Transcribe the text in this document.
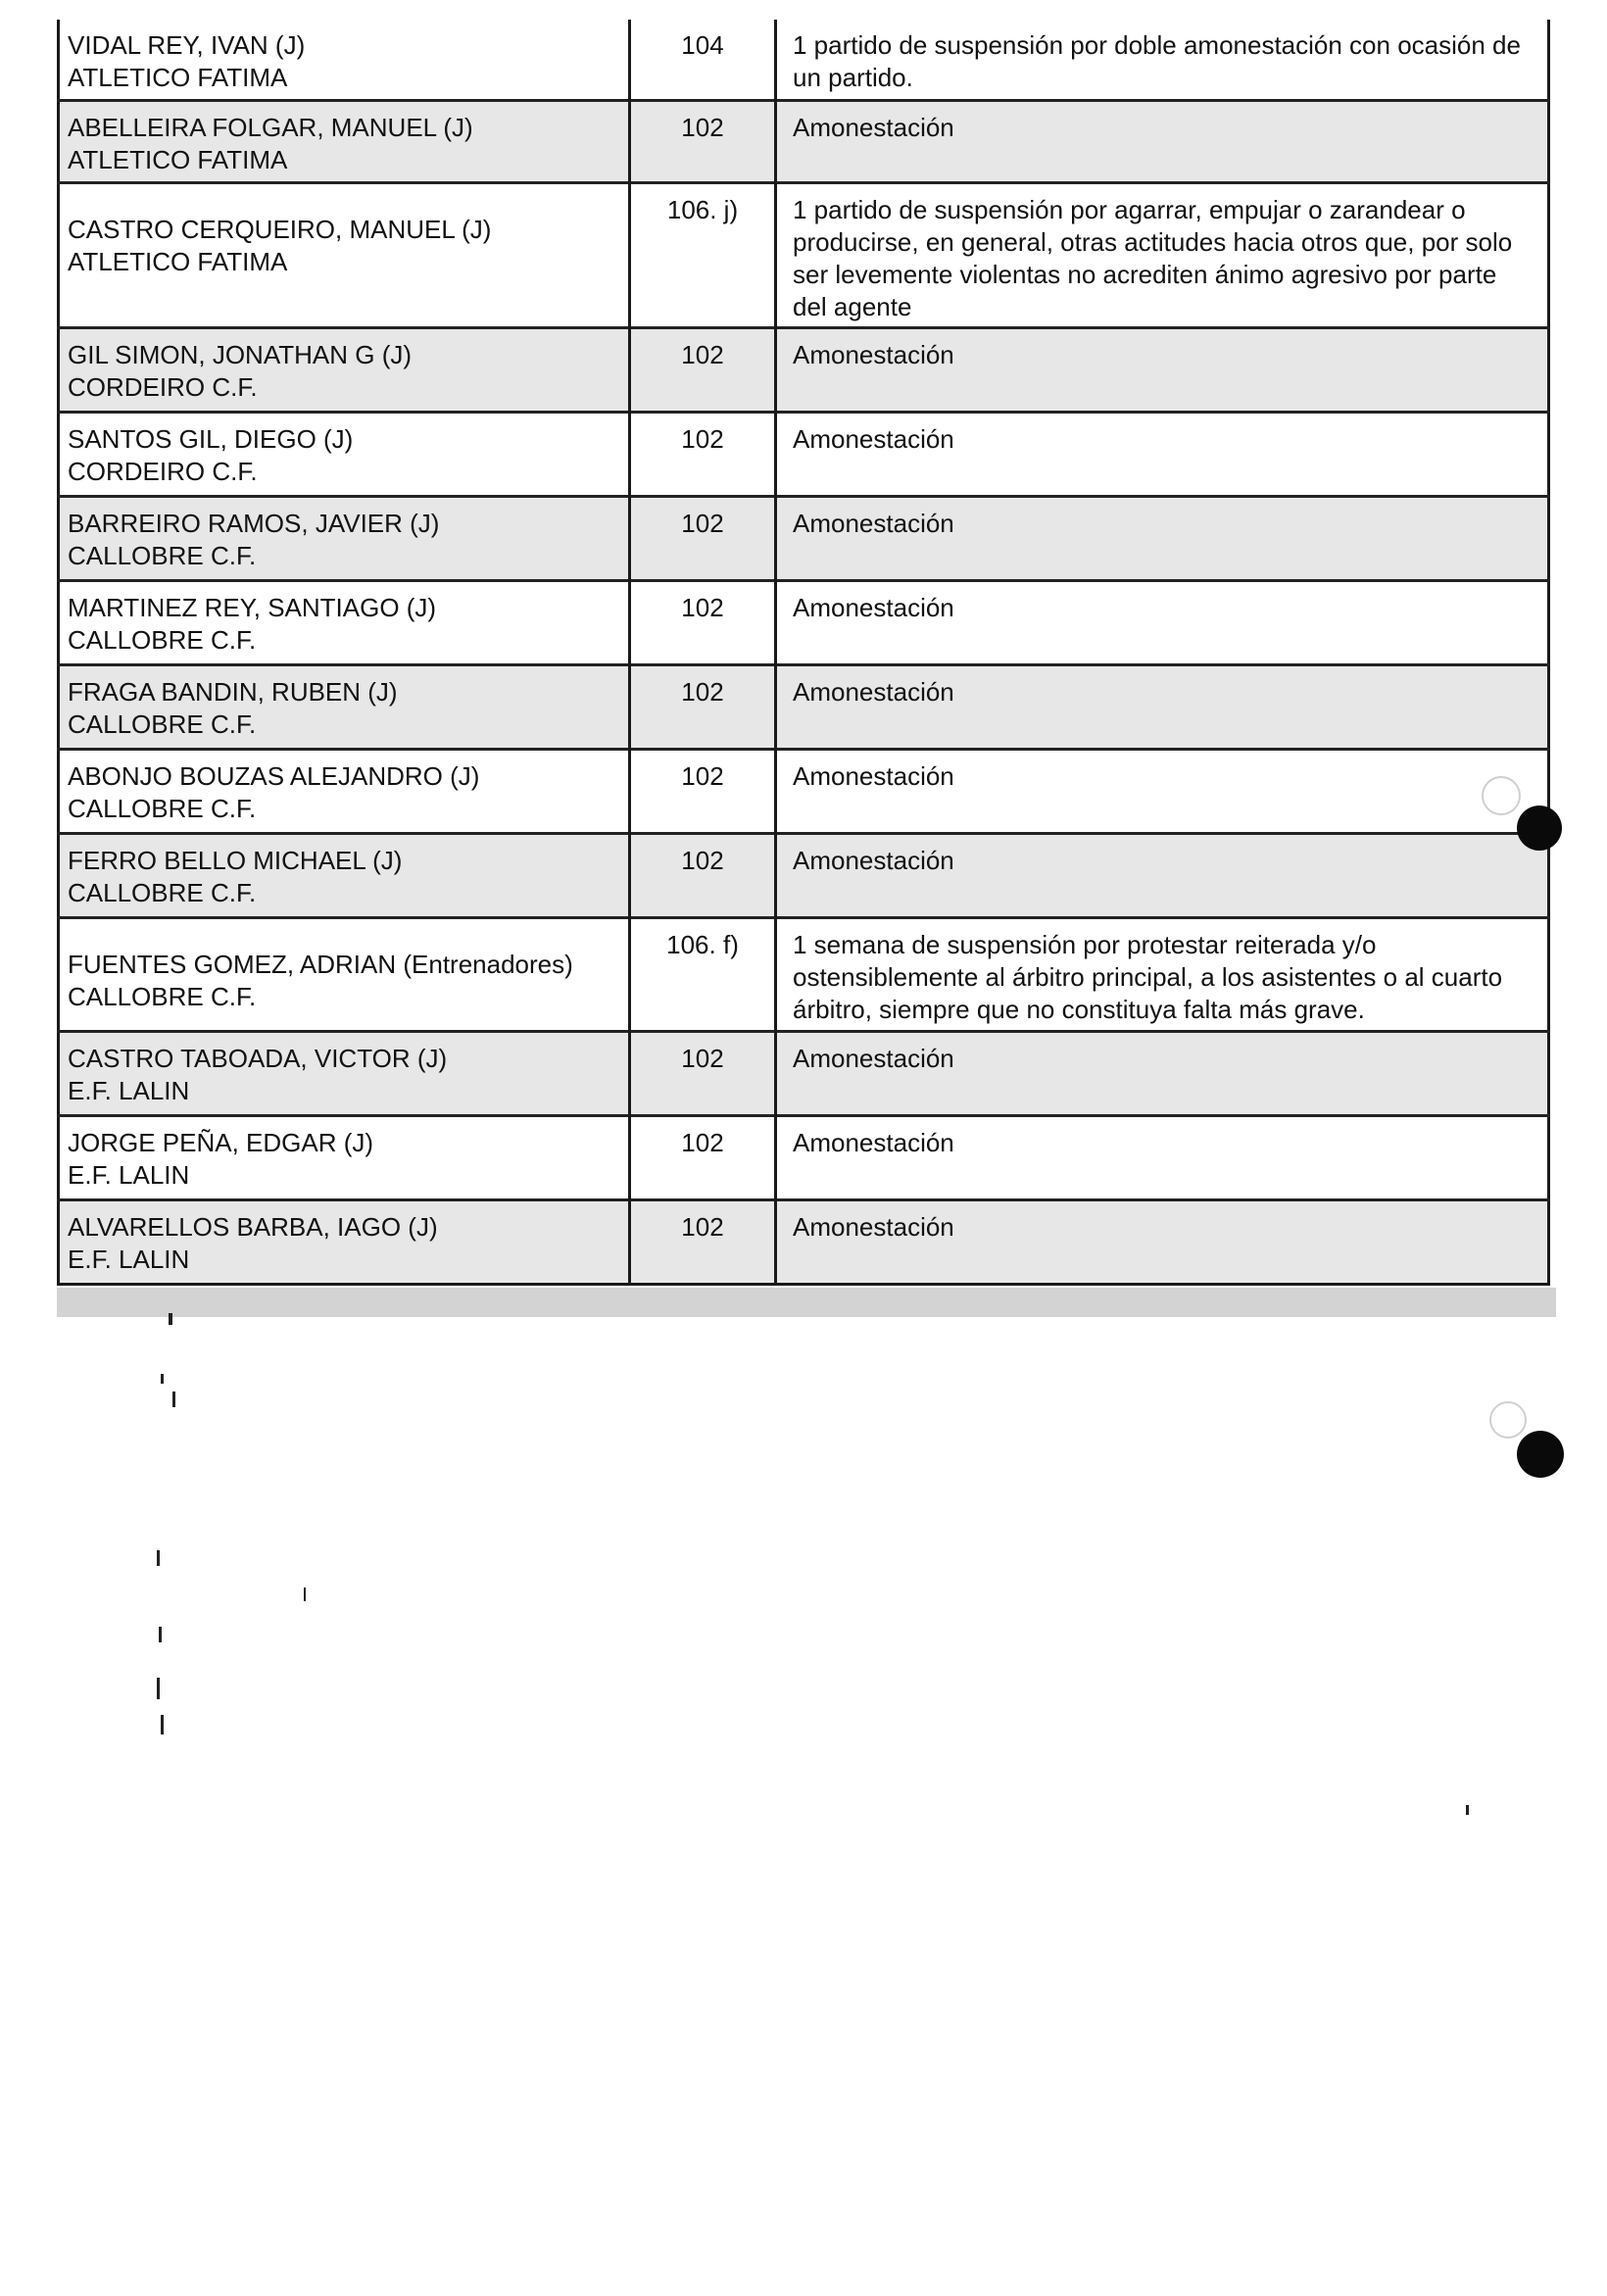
VIDAL REY, IVAN (J)
ATLETICO FATIMA	104	1 partido de suspensión por doble amonestación con ocasión de un partido.

ABELLEIRA FOLGAR, MANUEL (J)
ATLETICO FATIMA	102	Amonestación

CASTRO CERQUEIRO, MANUEL (J)
ATLETICO FATIMA	106. j)	1 partido de suspensión por agarrar, empujar o zarandear o producirse, en general, otras actitudes hacia otros que, por solo ser levemente violentas no acrediten ánimo agresivo por parte del agente

GIL SIMON, JONATHAN G (J)
CORDEIRO C.F.	102	Amonestación

SANTOS GIL, DIEGO (J)
CORDEIRO C.F.	102	Amonestación

BARREIRO RAMOS, JAVIER (J)
CALLOBRE C.F.	102	Amonestación

MARTINEZ REY, SANTIAGO (J)
CALLOBRE C.F.	102	Amonestación

FRAGA BANDIN, RUBEN (J)
CALLOBRE C.F.	102	Amonestación

ABONJO BOUZAS ALEJANDRO (J)
CALLOBRE C.F.	102	Amonestación

FERRO BELLO MICHAEL (J)
CALLOBRE C.F.	102	Amonestación

FUENTES GOMEZ, ADRIAN (Entrenadores)
CALLOBRE C.F.	106. f)	1 semana de suspensión por protestar reiterada y/o ostensiblemente al árbitro principal, a los asistentes o al cuarto árbitro, siempre que no constituya falta más grave.

CASTRO TABOADA, VICTOR (J)
E.F. LALIN	102	Amonestación

JORGE PEÑA, EDGAR (J)
E.F. LALIN	102	Amonestación

ALVARELLOS BARBA, IAGO (J)
E.F. LALIN	102	Amonestación
